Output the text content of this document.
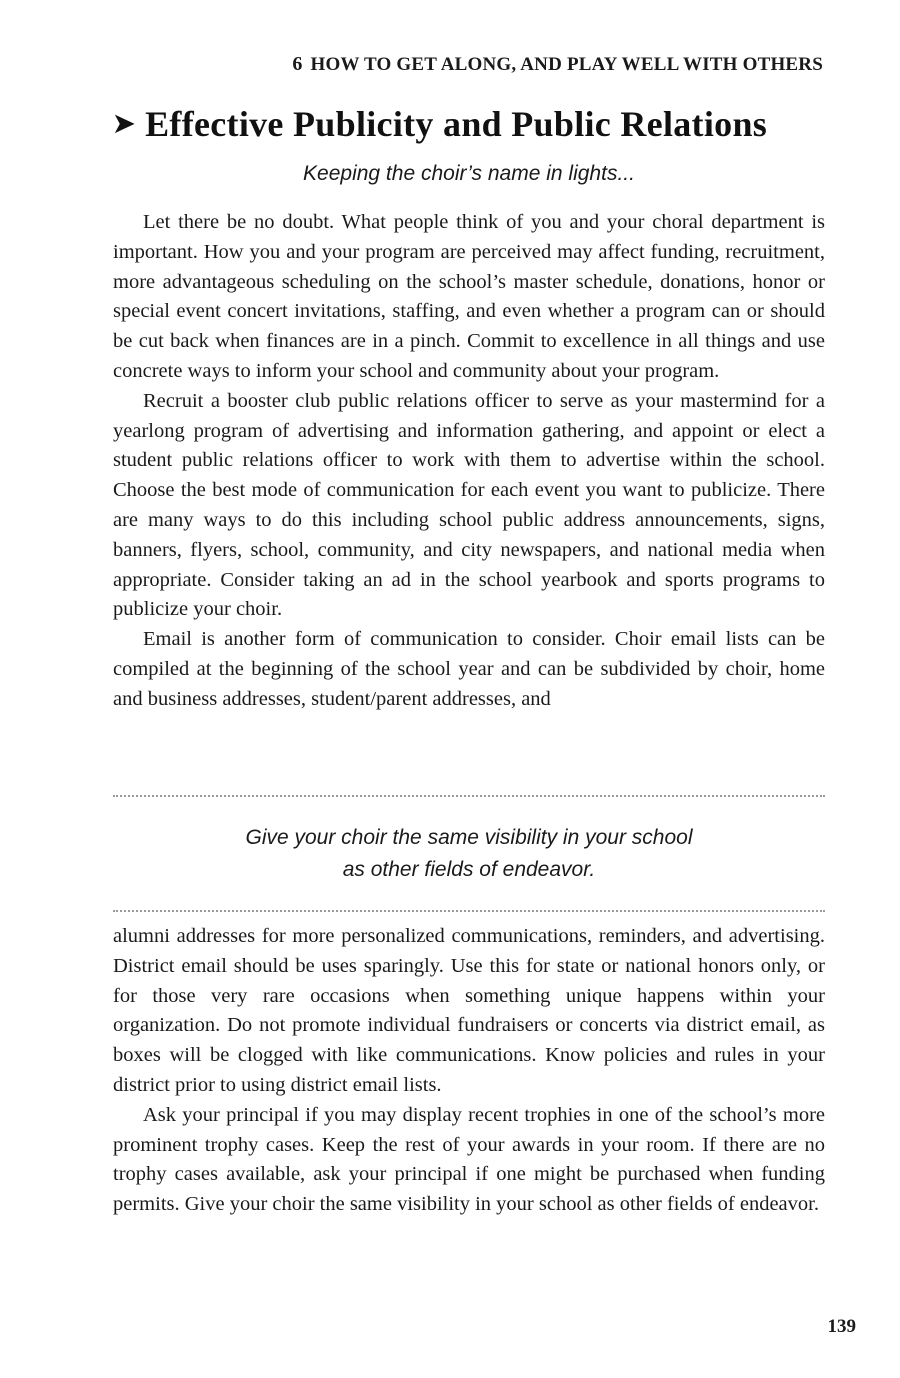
6 HOW TO GET ALONG, AND PLAY WELL WITH OTHERS
➤ Effective Publicity and Public Relations
Keeping the choir’s name in lights...

Let there be no doubt. What people think of you and your choral department is important. How you and your program are perceived may affect funding, recruitment, more advantageous scheduling on the school’s master schedule, donations, honor or special event concert invitations, staffing, and even whether a program can or should be cut back when finances are in a pinch. Commit to excellence in all things and use concrete ways to inform your school and community about your program.

Recruit a booster club public relations officer to serve as your mastermind for a yearlong program of advertising and information gathering, and appoint or elect a student public relations officer to work with them to advertise within the school. Choose the best mode of communication for each event you want to publicize. There are many ways to do this including school public address announcements, signs, banners, flyers, school, community, and city newspapers, and national media when appropriate. Consider taking an ad in the school yearbook and sports programs to publicize your choir.

Email is another form of communication to consider. Choir email lists can be compiled at the beginning of the school year and can be subdivided by choir, home and business addresses, student/parent addresses, and

Give your choir the same visibility in your school
as other fields of endeavor.

alumni addresses for more personalized communications, reminders, and advertising. District email should be uses sparingly. Use this for state or national honors only, or for those very rare occasions when something unique happens within your organization. Do not promote individual fundraisers or concerts via district email, as boxes will be clogged with like communications. Know policies and rules in your district prior to using district email lists.

Ask your principal if you may display recent trophies in one of the school’s more prominent trophy cases. Keep the rest of your awards in your room. If there are no trophy cases available, ask your principal if one might be purchased when funding permits. Give your choir the same visibility in your school as other fields of endeavor.

139
